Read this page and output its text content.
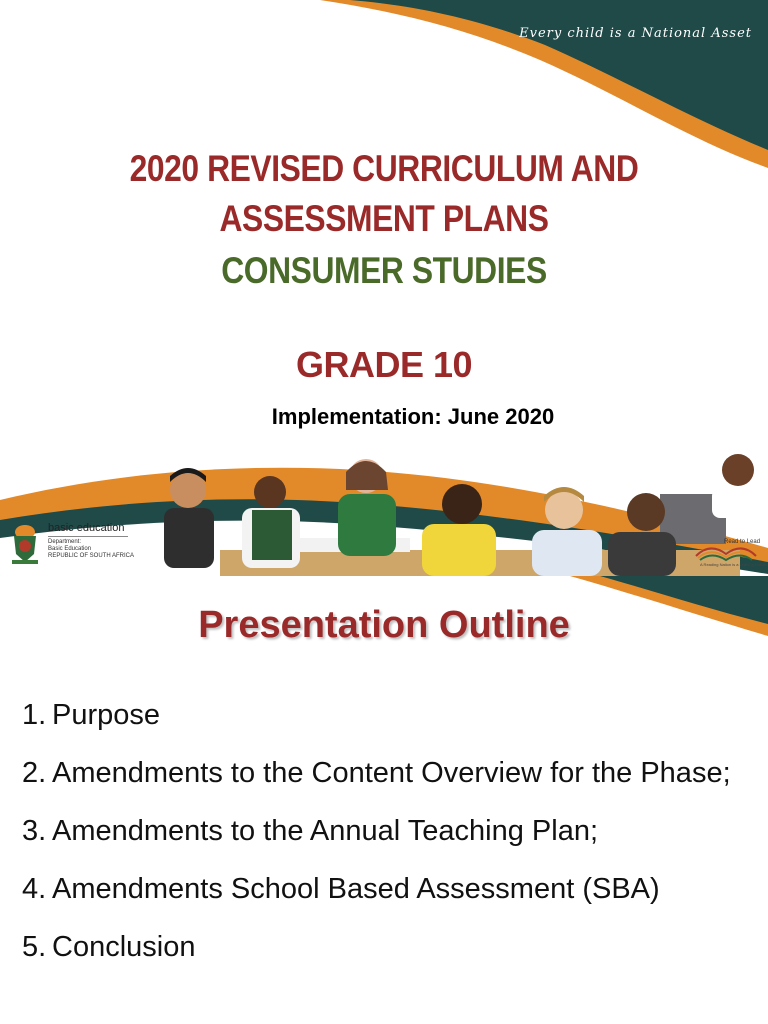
Every child is a National Asset
2020 REVISED CURRICULUM AND
ASSESSMENT PLANS
CONSUMER STUDIES
GRADE 10
Implementation: June 2020
basic education
Department:
Basic Education
REPUBLIC OF SOUTH AFRICA
Read to Lead
A Reading Nation is a Leading Nation
Presentation Outline
1. Purpose
2. Amendments to the Content Overview for the Phase;
3. Amendments to the Annual Teaching Plan;
4. Amendments School Based Assessment (SBA)
5. Conclusion
